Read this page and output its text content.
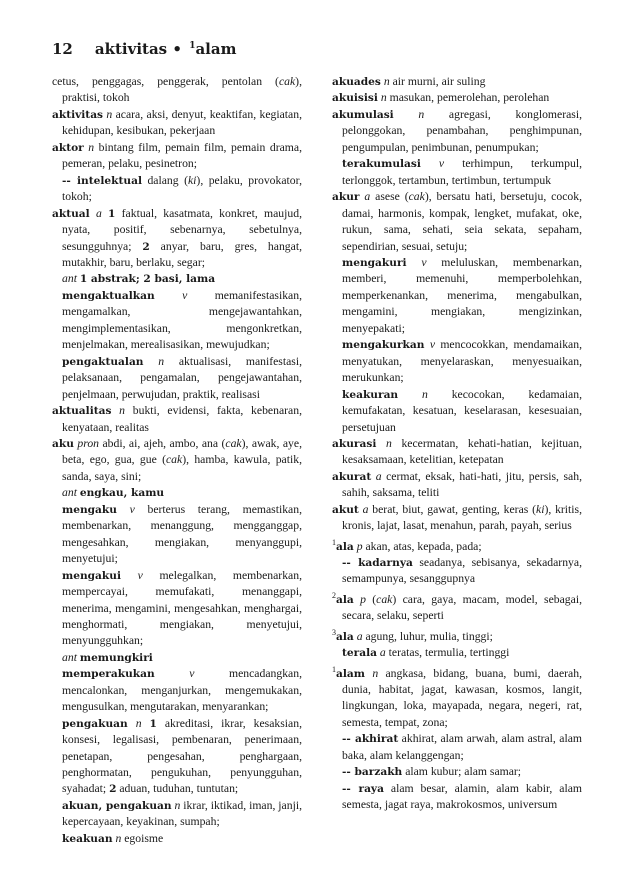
12 aktivitas • $^1$alam

cetus, penggagas, penggerak, pentolan (cak), praktisi, tokoh

aktivitas n acara, aksi, denyut, keaktifan, kegiatan, kehidupan, kesibukan, pekerjaan

aktor n bintang film, pemain film, pemain drama, pemeran, pelaku, pesinetron;

-- intelektual dalang (ki), pelaku, provokator, tokoh;

aktual a 1 faktual, kasatmata, konkret, maujud, nyata, positif, sebenarnya, sebetulnya, sesungguhnya; 2 anyar, baru, gres, hangat, mutakhir, baru, berlaku, segar;

ant 1 abstrak; 2 basi, lama

mengaktualkan v memanifestasikan, mengamalkan, mengejawantahkan, mengimplementasikan, mengonkretkan, menjelmakan, merealisasikan, mewujudkan;

pengaktualan n aktualisasi, manifestasi, pelaksanaan, pengamalan, pengejawantahan, penjelmaan, perwujudan, praktik, realisasi

aktualitas n bukti, evidensi, fakta, kebenaran, kenyataan, realitas

aku pron abdi, ai, ajeh, ambo, ana (cak), awak, aye, beta, ego, gua, gue (cak), hamba, kawula, patik, sanda, saya, sini;

ant engkau, kamu

mengaku v berterus terang, memastikan, membenarkan, menanggung, mengganggap, mengesahkan, mengiakan, menyanggupi, menyetujui;

mengakui v melegalkan, membenarkan, mempercayai, memufakati, menanggapi, menerima, mengamini, mengesahkan, menghargai, menghormati, mengiakan, menyetujui, menyungguhkan;

ant memungkiri

memperakukan	v mencadangkan, mencalonkan, menganjurkan, mengemukakan, mengusulkan, mengutarakan, menyarankan;

pengakuan n 1 akreditasi, ikrar, kesaksian, konsesi, legalisasi, pembenaran, penerimaan, penetapan, pengesahan, penghargaan, penghormatan, pengukuhan, penyungguhan, syahadat; 2 aduan, tuduhan, tuntutan;

akuan, pengakuan n ikrar, iktikad, iman, janji, kepercayaan, keyakinan, sumpah;

keakuan n egoisme

akuades n air murni, air suling

akuisisi n masukan, pemerolehan, perolehan

akumulasi n agregasi, konglomerasi, pelonggokan, penambahan, penghimpunan, pengumpulan, penimbunan, penumpukan;

terakumulasi v terhimpun, terkumpul, terlonggok, tertambun, tertimbun, tertumpuk

akur a asese (cak), bersatu hati, bersetuju, cocok, damai, harmonis, kompak, lengket, mufakat, oke, rukun, sama, sehati, seia sekata, sepaham, sependirian, sesuai, setuju;

mengakuri v meluluskan, membenarkan, memberi, memenuhi, memperbolehkan, memperkenankan, menerima, mengabulkan, mengamini, mengiakan, mengizinkan, menyepakati;

mengakurkan v mencocokkan, mendamaikan, menyatukan, menyelaraskan, menyesuaikan, merukunkan;

keakuran n kecocokan, kedamaian, kemufakatan, kesatuan, keselarasan, kesesuaian, persetujuan

akurasi n kecermatan, kehati-hatian, kejituan, kesaksamaan, ketelitian, ketepatan

akurat a cermat, eksak, hati-hati, jitu, persis, sah, sahih, saksama, teliti

akut a berat, biut, gawat, genting, keras (ki), kritis, kronis, lajat, lasat, menahun, parah, payah, serius

$^1$ala p akan, atas, kepada, pada;

-- kadarnya seadanya, sebisanya, sekadarnya, semampunya, sesanggupnya

$^2$ala p (cak) cara, gaya, macam, model, sebagai, secara, selaku, seperti

$^3$ala a agung, luhur, mulia, tinggi;

terala a teratas, termulia, tertinggi

$^1$alam n angkasa, bidang, buana, bumi, daerah, dunia, habitat, jagat, kawasan, kosmos, langit, lingkungan, loka, mayapada, negara, negeri, rat, semesta, tempat, zona;

-- akhirat akhirat, alam arwah, alam astral, alam baka, alam kelanggengan;

-- barzakh alam kubur; alam samar;

-- raya alam besar, alamin, alam kabir, alam semesta, jagat raya, makrokosmos, universum
